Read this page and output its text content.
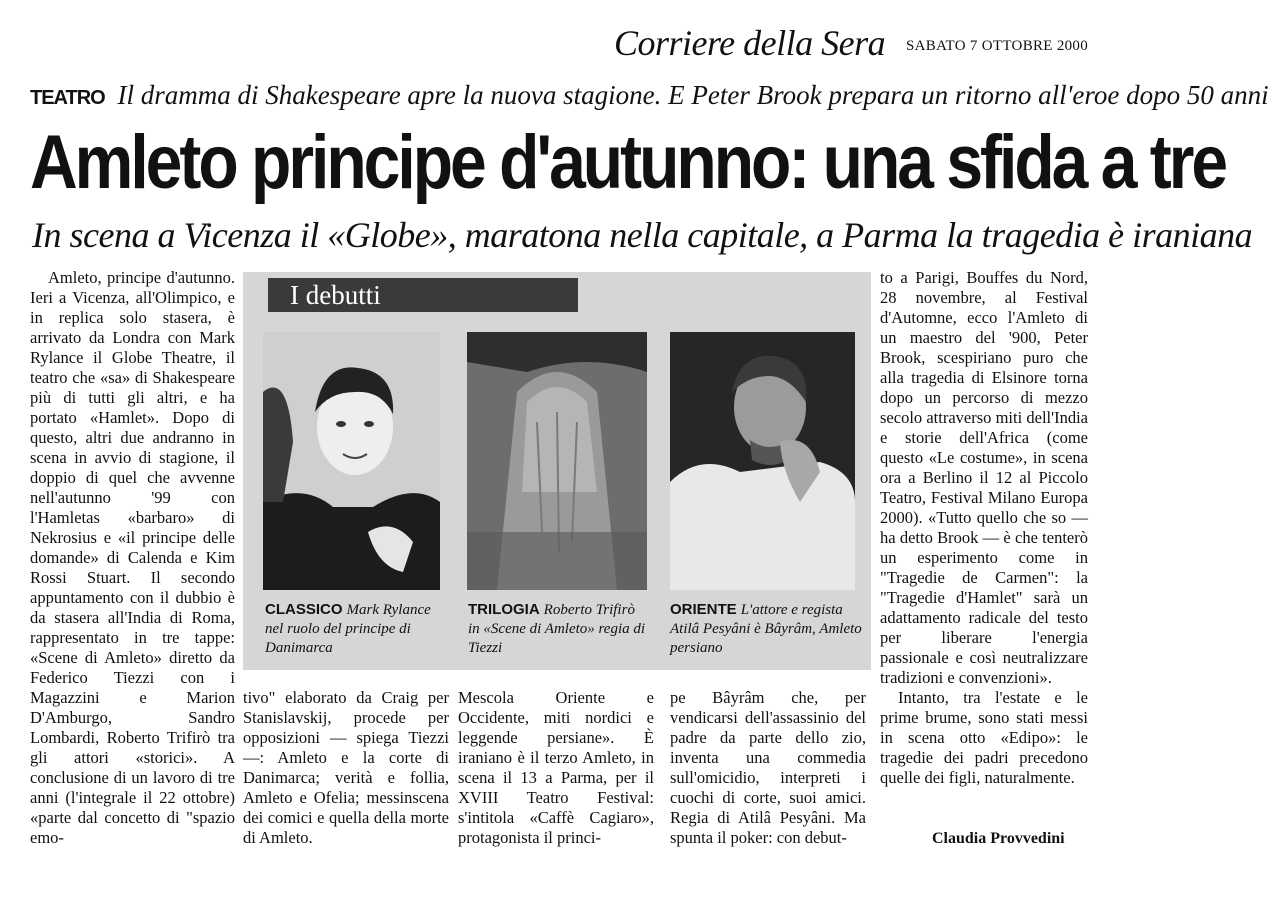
Corriere della Sera SABATO 7 OTTOBRE 2000
TEATRO Il dramma di Shakespeare apre la nuova stagione. E Peter Brook prepara un ritorno all'eroe dopo 50 anni
Amleto principe d'autunno: una sfida a tre
In scena a Vicenza il «Globe», maratona nella capitale, a Parma la tragedia è iraniana

Amleto, principe d'autunno. Ieri a Vicenza, all'Olimpico, e in replica solo stasera, è arrivato da Londra con Mark Rylance il Globe Theatre, il teatro che «sa» di Shakespeare più di tutti gli altri, e ha portato «Hamlet». Dopo di questo, altri due andranno in scena in avvio di stagione, il doppio di quel che avvenne nell'autunno '99 con l'Hamletas «barbaro» di Nekrosius e «il principe delle domande» di Calenda e Kim Rossi Stuart. Il secondo appuntamento con il dubbio è da stasera all'India di Roma, rappresentato in tre tappe: «Scene di Amleto» diretto da Federico Tiezzi con i Magazzini e Marion D'Amburgo, Sandro Lombardi, Roberto Trifirò tra gli attori «storici». A conclusione di un lavoro di tre anni (l'integrale il 22 ottobre) «parte dal concetto di "spazio emo-

I debutti
CLASSICO Mark Rylance nel ruolo del principe di Danimarca
TRILOGIA Roberto Trifirò in «Scene di Amleto» regia di Tiezzi
ORIENTE L'attore e regista Atilâ Pesyâni è Bâyrâm, Amleto persiano

tivo" elaborato da Craig per Stanislavskij, procede per opposizioni — spiega Tiezzi —: Amleto e la corte di Danimarca; verità e follia, Amleto e Ofelia; messinscena dei comici e quella della morte di Amleto.

Mescola Oriente e Occidente, miti nordici e leggende persiane». È iraniano è il terzo Amleto, in scena il 13 a Parma, per il XVIII Teatro Festival: s'intitola «Caffè Cagiaro», protagonista il princi-

pe Bâyrâm che, per vendicarsi dell'assassinio del padre da parte dello zio, inventa una commedia sull'omicidio, interpreti i cuochi di corte, suoi amici. Regia di Atilâ Pesyâni. Ma spunta il poker: con debut-

to a Parigi, Bouffes du Nord, 28 novembre, al Festival d'Automne, ecco l'Amleto di un maestro del '900, Peter Brook, scespiriano puro che alla tragedia di Elsinore torna dopo un percorso di mezzo secolo attraverso miti dell'India e storie dell'Africa (come questo «Le costume», in scena ora a Berlino il 12 al Piccolo Teatro, Festival Milano Europa 2000). «Tutto quello che so — ha detto Brook — è che tenterò un esperimento come in "Tragedie de Carmen": la "Tragedie d'Hamlet" sarà un adattamento radicale del testo per liberare l'energia passionale e così neutralizzare tradizioni e convenzioni».

Intanto, tra l'estate e le prime brume, sono stati messi in scena otto «Edipo»: le tragedie dei padri precedono quelle dei figli, naturalmente.

Claudia Provvedini
